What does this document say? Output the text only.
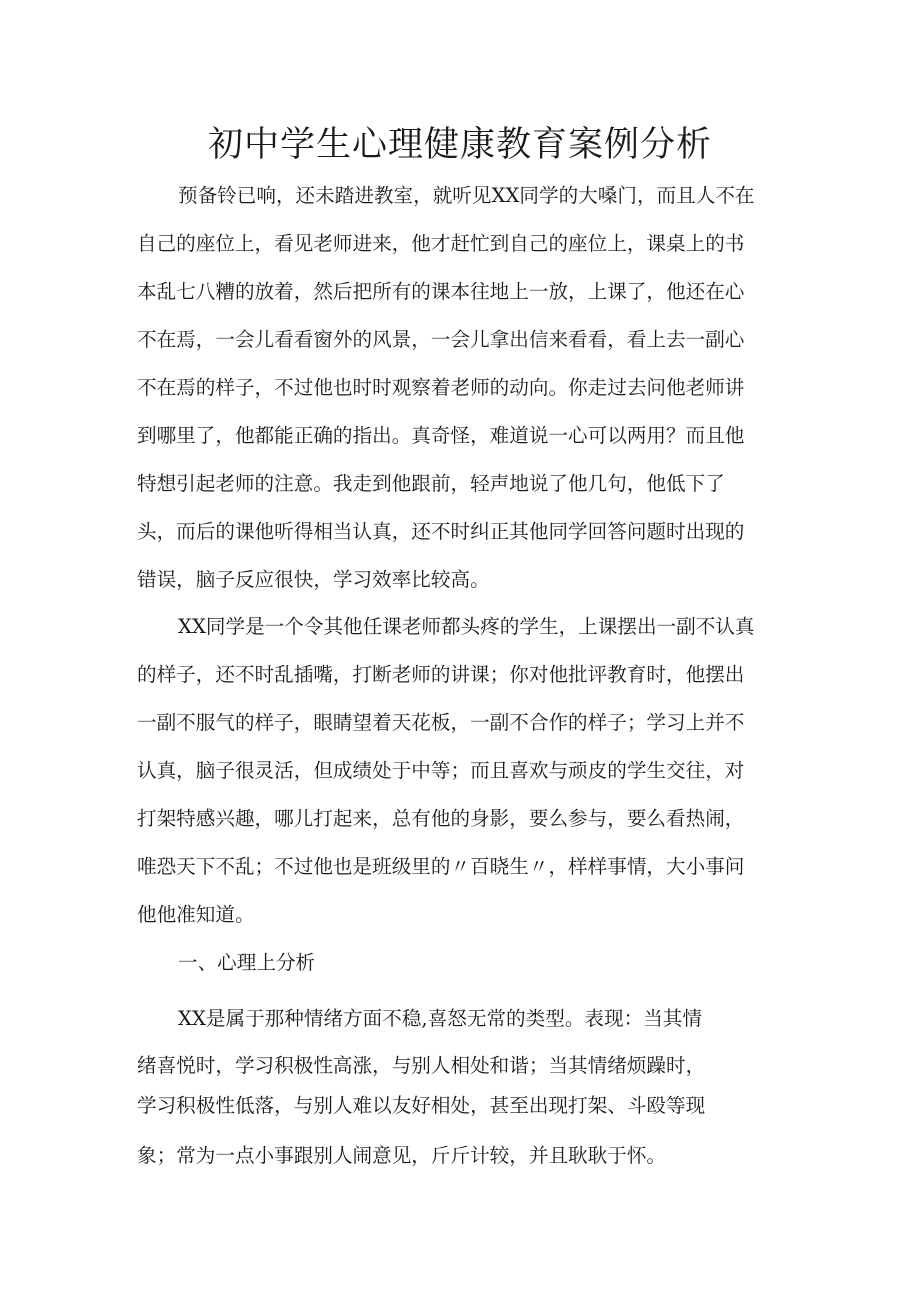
初中学生心理健康教育案例分析

预备铃已响，还未踏进教室，就听见XX同学的大嗓门，而且人不在

自己的座位上，看见老师进来，他才赶忙到自己的座位上，课桌上的书

本乱七八糟的放着，然后把所有的课本往地上一放，上课了，他还在心

不在焉，一会儿看看窗外的风景，一会儿拿出信来看看，看上去一副心

不在焉的样子，不过他也时时观察着老师的动向。你走过去问他老师讲

到哪里了，他都能正确的指出。真奇怪，难道说一心可以两用？而且他

特想引起老师的注意。我走到他跟前，轻声地说了他几句，他低下了

头，而后的课他听得相当认真，还不时纠正其他同学回答问题时出现的

错误，脑子反应很快，学习效率比较高。

XX同学是一个令其他任课老师都头疼的学生，上课摆出一副不认真

的样子，还不时乱插嘴，打断老师的讲课；你对他批评教育时，他摆出

一副不服气的样子，眼睛望着天花板，一副不合作的样子；学习上并不

认真，脑子很灵活，但成绩处于中等；而且喜欢与顽皮的学生交往，对

打架特感兴趣，哪儿打起来，总有他的身影，要么参与，要么看热闹，

唯恐天下不乱；不过他也是班级里的〃百晓生〃，样样事情，大小事问

他他准知道。

一、心理上分析

XX是属于那种情绪方面不稳,喜怒无常的类型。表现：当其情

绪喜悦时，学习积极性高涨，与别人相处和谐；当其情绪烦躁时，

学习积极性低落，与别人难以友好相处，甚至出现打架、斗殴等现

象；常为一点小事跟别人闹意见，斤斤计较，并且耿耿于怀。
